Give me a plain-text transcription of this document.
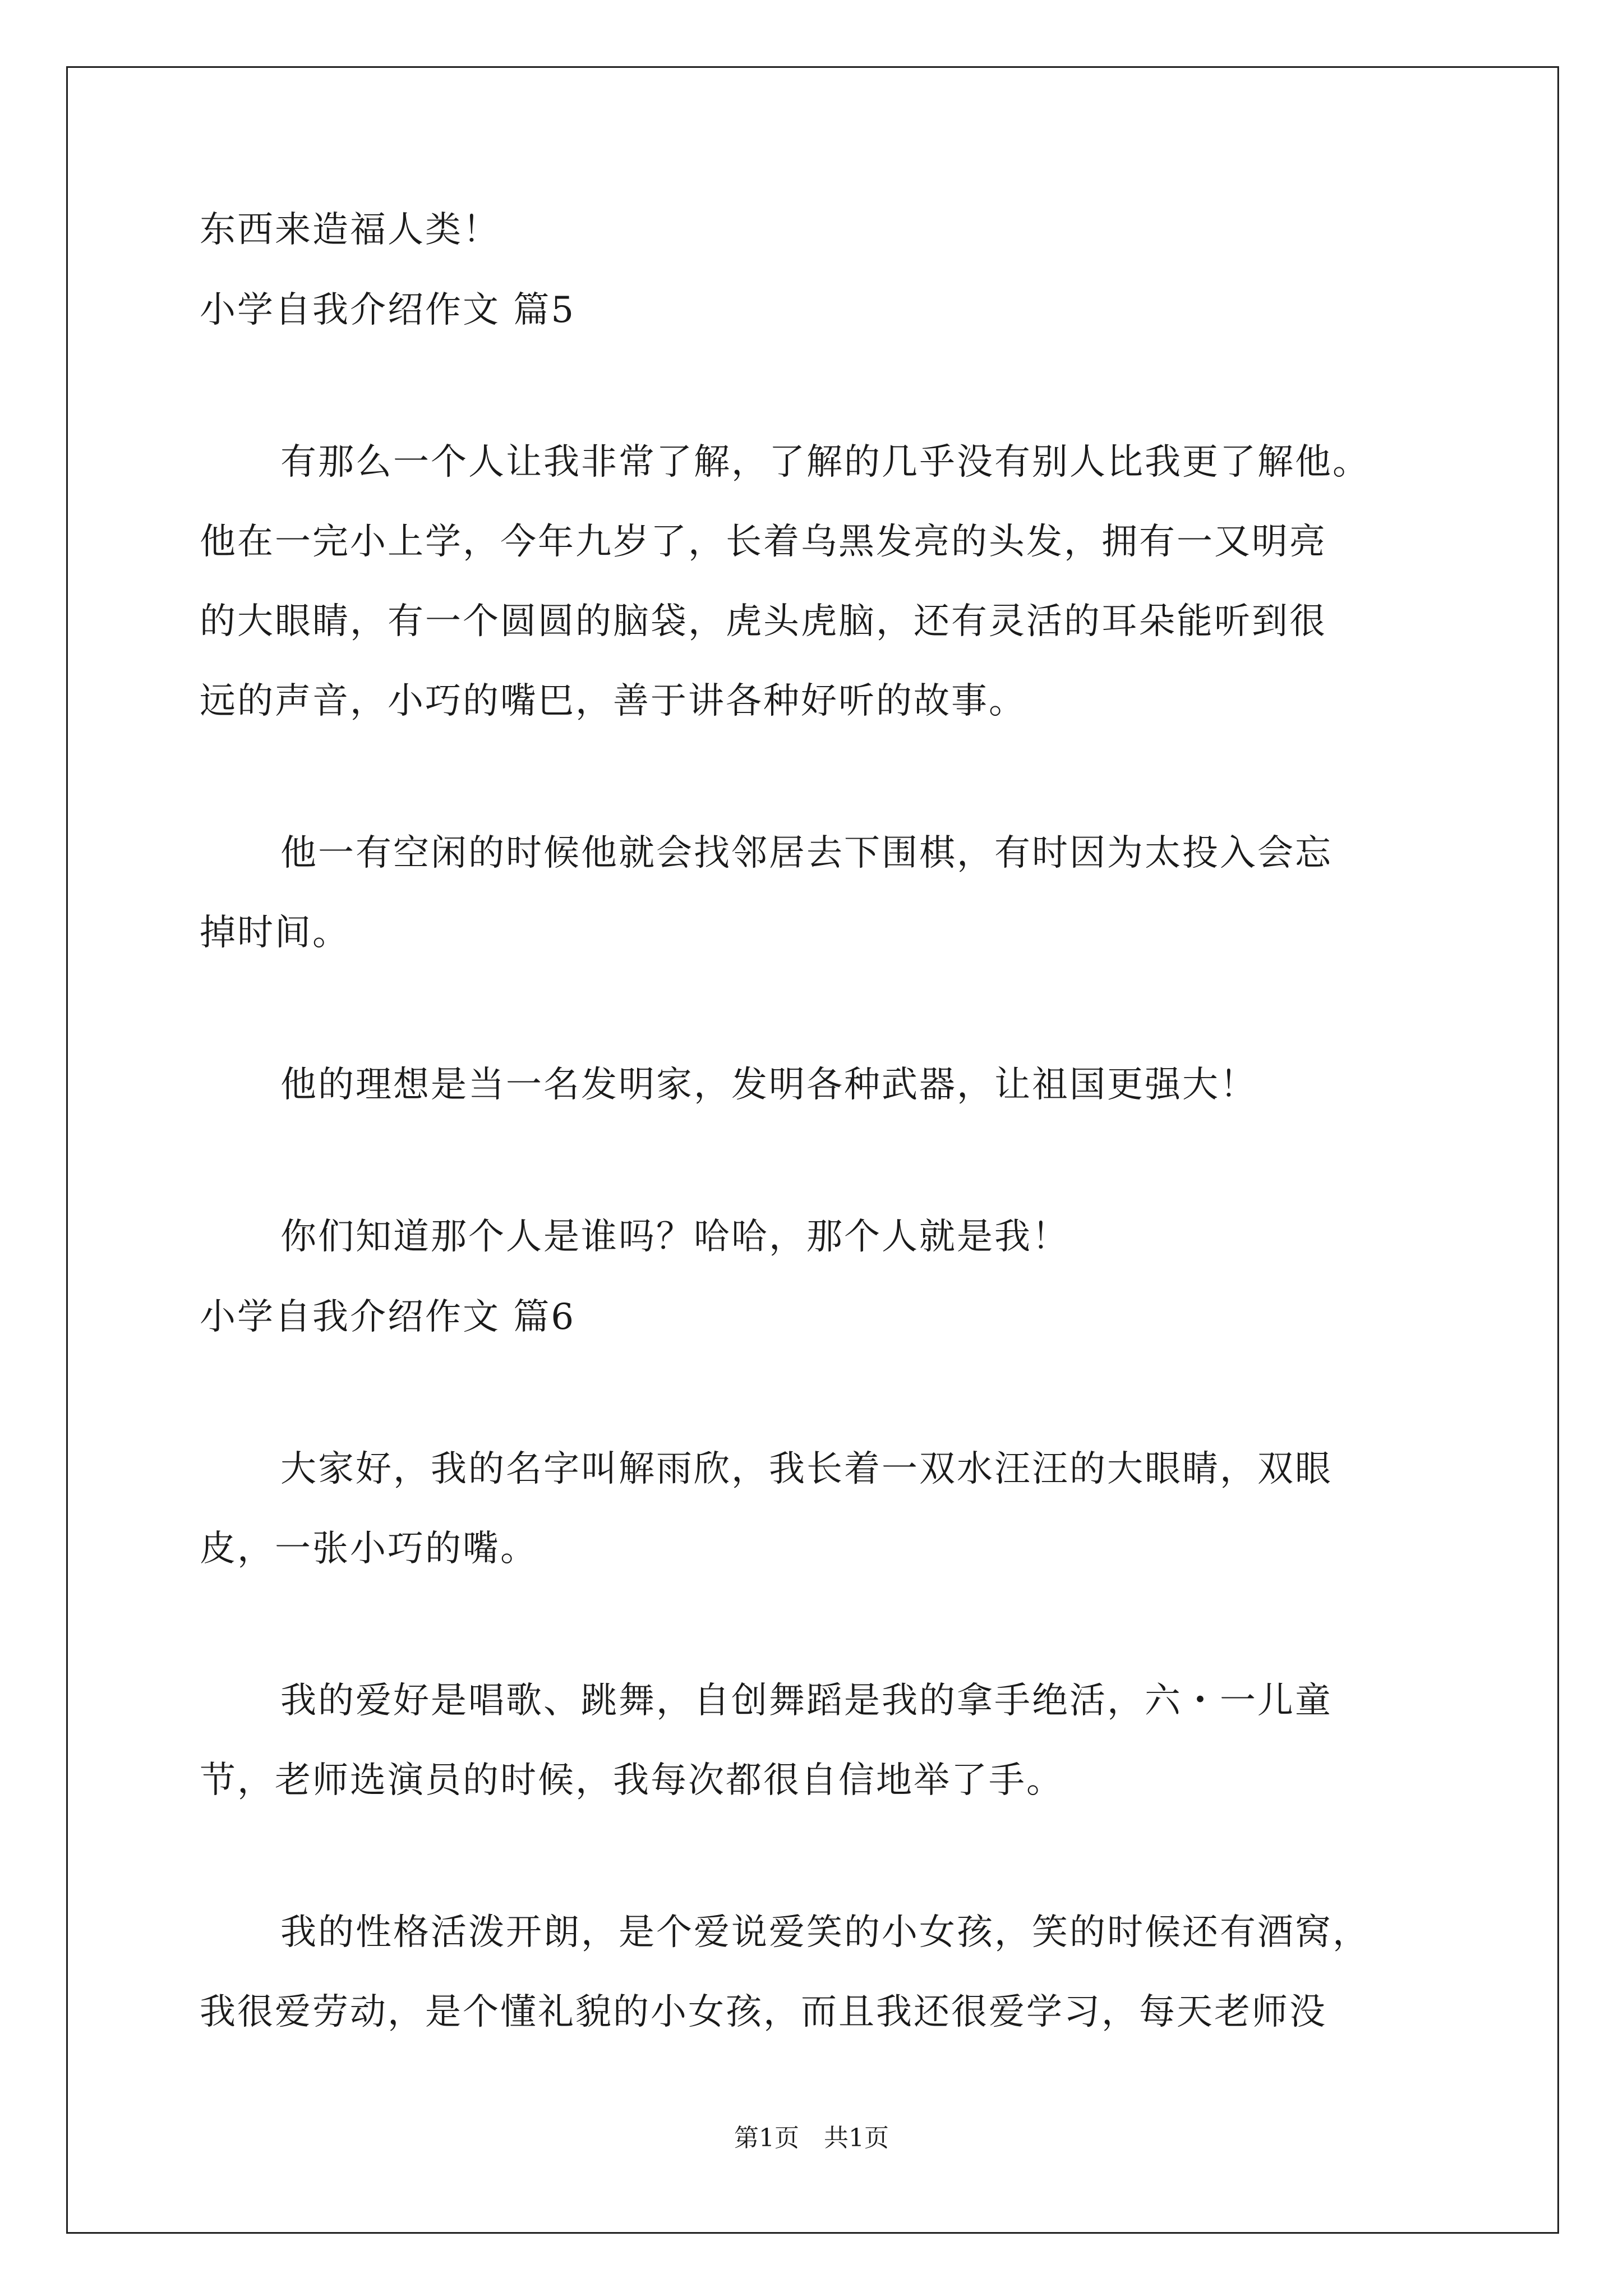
东西来造福人类！
小学自我介绍作文 篇5
有那么一个人让我非常了解，了解的几乎没有别人比我更了解他。
他在一完小上学，今年九岁了，长着乌黑发亮的头发，拥有一又明亮
的大眼睛，有一个圆圆的脑袋，虎头虎脑，还有灵活的耳朵能听到很
远的声音，小巧的嘴巴，善于讲各种好听的故事。
他一有空闲的时候他就会找邻居去下围棋，有时因为太投入会忘
掉时间。
他的理想是当一名发明家，发明各种武器，让祖国更强大！
你们知道那个人是谁吗？哈哈，那个人就是我！
小学自我介绍作文 篇6
大家好，我的名字叫解雨欣，我长着一双水汪汪的大眼睛，双眼
皮，一张小巧的嘴。
我的爱好是唱歌、跳舞，自创舞蹈是我的拿手绝活，六・一儿童
节，老师选演员的时候，我每次都很自信地举了手。
我的性格活泼开朗，是个爱说爱笑的小女孩，笑的时候还有酒窝，
我很爱劳动，是个懂礼貌的小女孩，而且我还很爱学习，每天老师没
第1页　共1页
